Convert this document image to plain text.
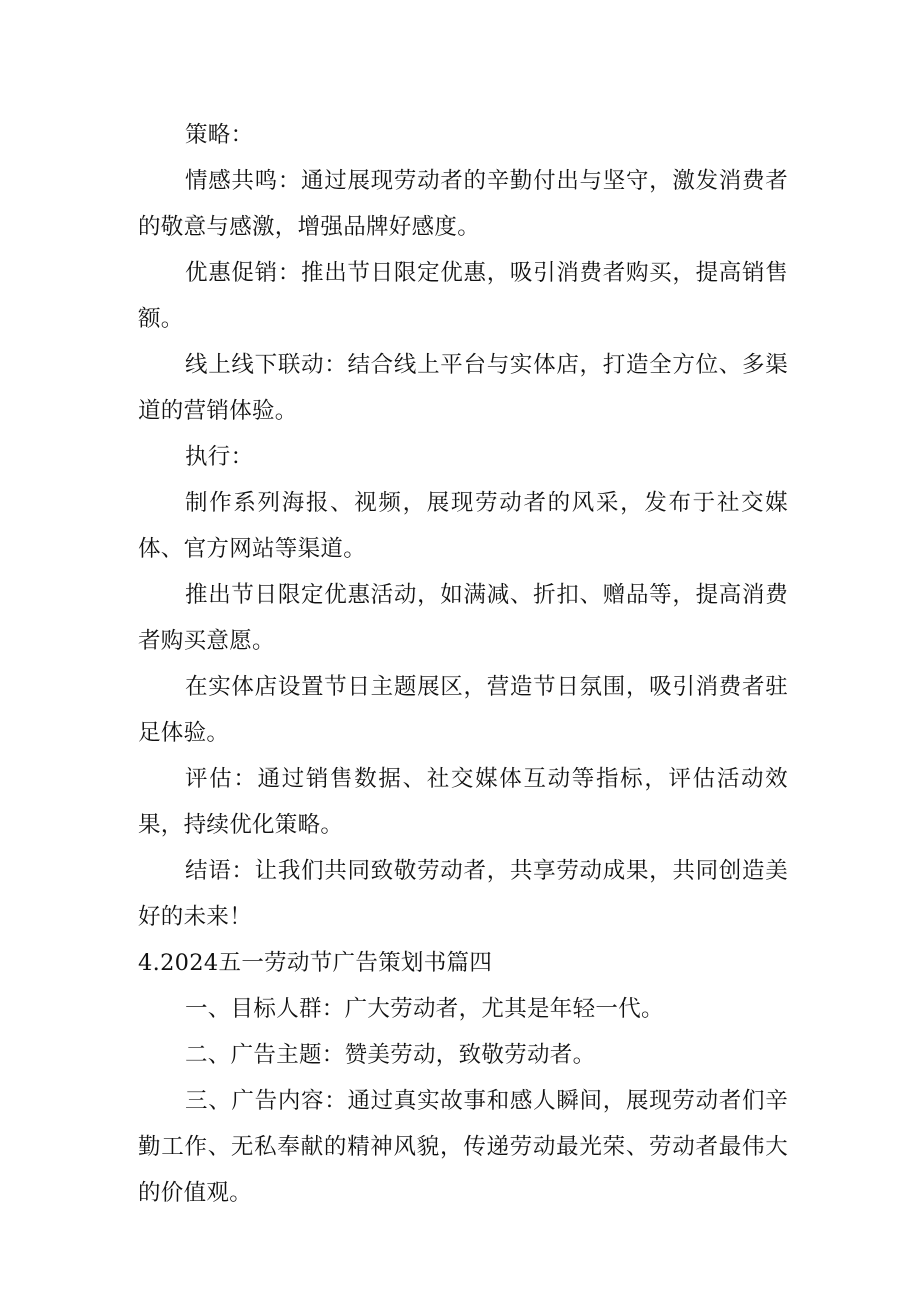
策略：

情感共鸣：通过展现劳动者的辛勤付出与坚守，激发消费者的敬意与感激，增强品牌好感度。

优惠促销：推出节日限定优惠，吸引消费者购买，提高销售额。

线上线下联动：结合线上平台与实体店，打造全方位、多渠道的营销体验。

执行：

制作系列海报、视频，展现劳动者的风采，发布于社交媒体、官方网站等渠道。

推出节日限定优惠活动，如满减、折扣、赠品等，提高消费者购买意愿。

在实体店设置节日主题展区，营造节日氛围，吸引消费者驻足体验。

评估：通过销售数据、社交媒体互动等指标，评估活动效果，持续优化策略。

结语：让我们共同致敬劳动者，共享劳动成果，共同创造美好的未来！

4.2024五一劳动节广告策划书篇四

一、目标人群：广大劳动者，尤其是年轻一代。

二、广告主题：赞美劳动，致敬劳动者。

三、广告内容：通过真实故事和感人瞬间，展现劳动者们辛勤工作、无私奉献的精神风貌，传递劳动最光荣、劳动者最伟大的价值观。
